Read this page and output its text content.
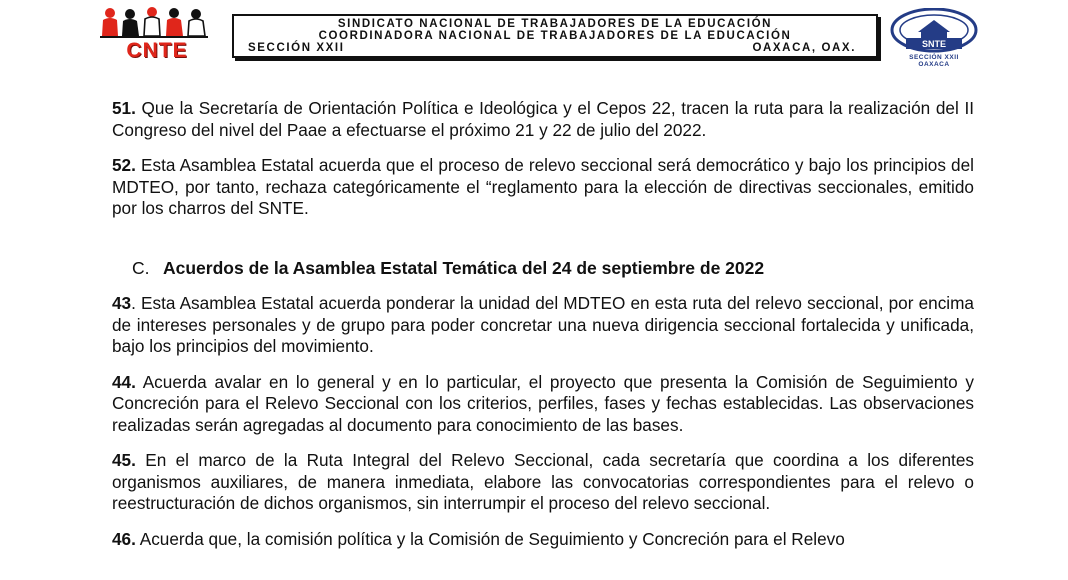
CNTE
SINDICATO NACIONAL DE TRABAJADORES DE LA EDUCACIÓN
COORDINADORA NACIONAL DE TRABAJADORES DE LA EDUCACIÓN
SECCIÓN XXII	OAXACA, OAX.	SNTE
SECCIÓN XXII
OAXACA

51. Que la Secretaría de Orientación Política e Ideológica y el Cepos 22, tracen la ruta para la realización del II Congreso del nivel del Paae a efectuarse el próximo 21 y 22 de julio del 2022.

52. Esta Asamblea Estatal acuerda que el proceso de relevo seccional será democrático y bajo los principios del MDTEO, por tanto, rechaza categóricamente el “reglamento para la elección de directivas seccionales, emitido por los charros del SNTE.

C. Acuerdos de la Asamblea Estatal Temática del 24 de septiembre de 2022

43. Esta Asamblea Estatal acuerda ponderar la unidad del MDTEO en esta ruta del relevo seccional, por encima de intereses personales y de grupo para poder concretar una nueva dirigencia seccional fortalecida y unificada, bajo los principios del movimiento.

44. Acuerda avalar en lo general y en lo particular, el proyecto que presenta la Comisión de Seguimiento y Concreción para el Relevo Seccional con los criterios, perfiles, fases y fechas establecidas. Las observaciones realizadas serán agregadas al documento para conocimiento de las bases.

45. En el marco de la Ruta Integral del Relevo Seccional, cada secretaría que coordina a los diferentes organismos auxiliares, de manera inmediata, elabore las convocatorias correspondientes para el relevo o reestructuración de dichos organismos, sin interrumpir el proceso del relevo seccional.

46. Acuerda que, la comisión política y la Comisión de Seguimiento y Concreción para el Relevo
